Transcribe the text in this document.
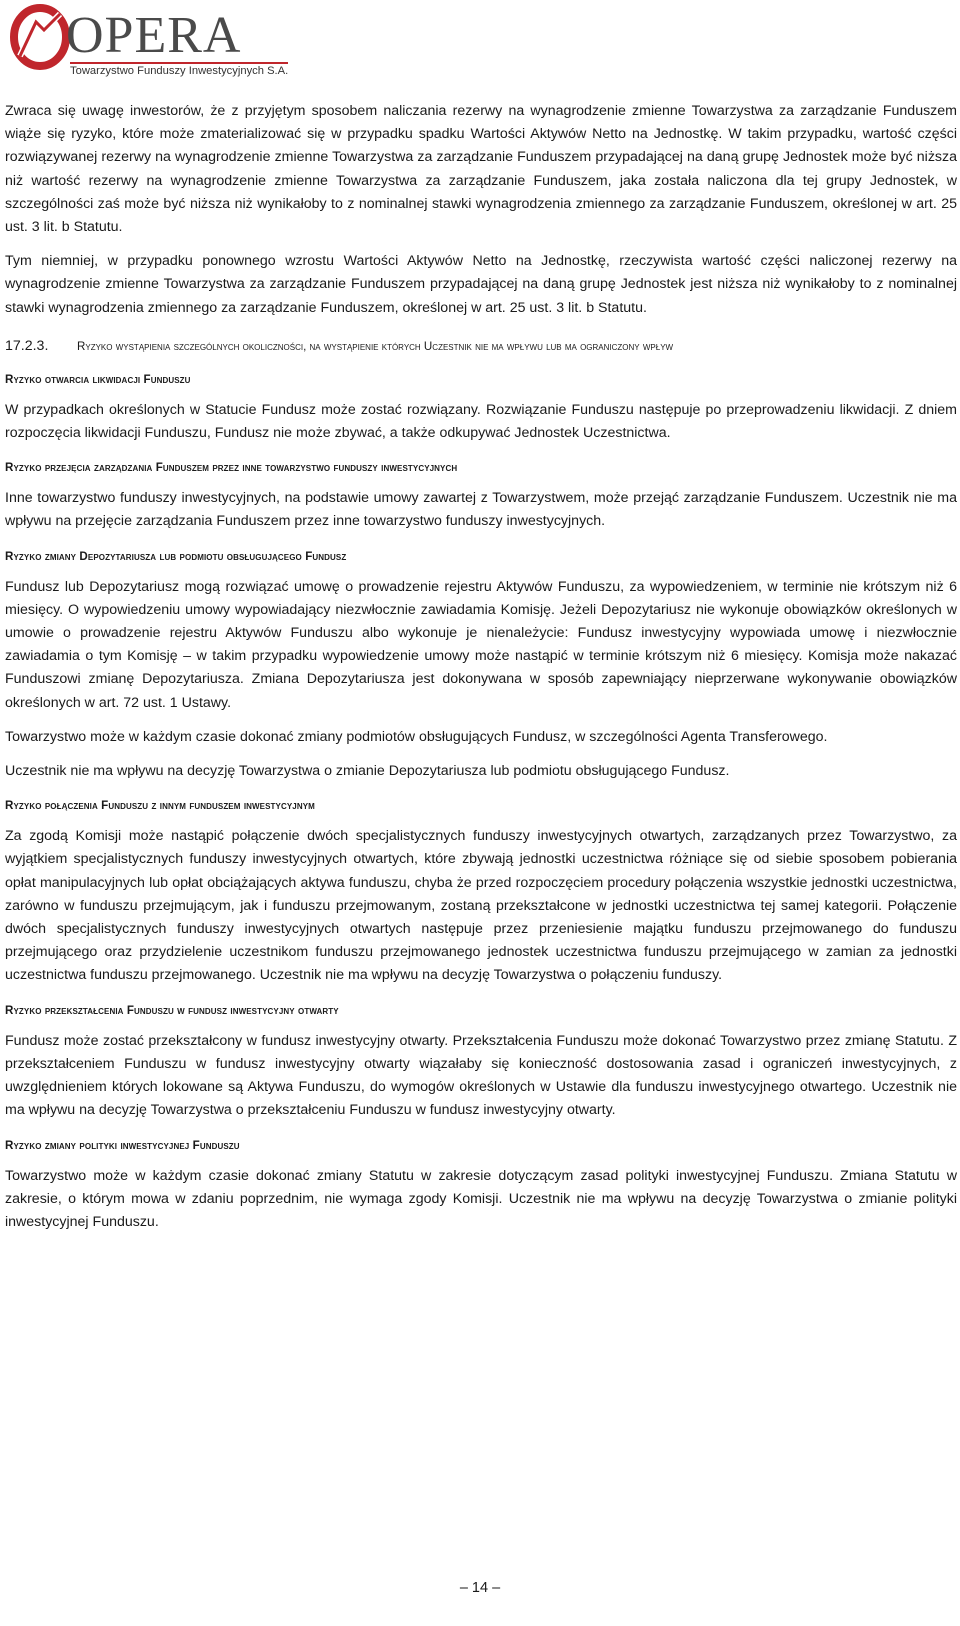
OPERA
Towarzystwo Funduszy Inwestycyjnych S.A.

Zwraca się uwagę inwestorów, że z przyjętym sposobem naliczania rezerwy na wynagrodzenie zmienne Towarzystwa za zarządzanie Funduszem wiąże się ryzyko, które może zmaterializować się w przypadku spadku Wartości Aktywów Netto na Jednostkę. W takim przypadku, wartość części rozwiązywanej rezerwy na wynagrodzenie zmienne Towarzystwa za zarządzanie Funduszem przypadającej na daną grupę Jednostek może być niższa niż wartość rezerwy na wynagrodzenie zmienne Towarzystwa za zarządzanie Funduszem, jaka została naliczona dla tej grupy Jednostek, w szczególności zaś może być niższa niż wynikałoby to z nominalnej stawki wynagrodzenia zmiennego za zarządzanie Funduszem, określonej w art. 25 ust. 3 lit. b Statutu.

Tym niemniej, w przypadku ponownego wzrostu Wartości Aktywów Netto na Jednostkę, rzeczywista wartość części naliczonej rezerwy na wynagrodzenie zmienne Towarzystwa za zarządzanie Funduszem przypadającej na daną grupę Jednostek jest niższa niż wynikałoby to z nominalnej stawki wynagrodzenia zmiennego za zarządzanie Funduszem, określonej w art. 25 ust. 3 lit. b Statutu.

17.2.3.	Ryzyko wystąpienia szczególnych okoliczności, na wystąpienie których Uczestnik nie ma wpływu lub ma ograniczony wpływ
Ryzyko otwarcia likwidacji Funduszu

W przypadkach określonych w Statucie Fundusz może zostać rozwiązany. Rozwiązanie Funduszu następuje po przeprowadzeniu likwidacji. Z dniem rozpoczęcia likwidacji Funduszu, Fundusz nie może zbywać, a także odkupywać Jednostek Uczestnictwa.

Ryzyko przejęcia zarządzania Funduszem przez inne towarzystwo funduszy inwestycyjnych

Inne towarzystwo funduszy inwestycyjnych, na podstawie umowy zawartej z Towarzystwem, może przejąć zarządzanie Funduszem. Uczestnik nie ma wpływu na przejęcie zarządzania Funduszem przez inne towarzystwo funduszy inwestycyjnych.

Ryzyko zmiany Depozytariusza lub podmiotu obsługującego Fundusz

Fundusz lub Depozytariusz mogą rozwiązać umowę o prowadzenie rejestru Aktywów Funduszu, za wypowiedzeniem, w terminie nie krótszym niż 6 miesięcy. O wypowiedzeniu umowy wypowiadający niezwłocznie zawiadamia Komisję. Jeżeli Depozytariusz nie wykonuje obowiązków określonych w umowie o prowadzenie rejestru Aktywów Funduszu albo wykonuje je nienależycie: Fundusz inwestycyjny wypowiada umowę i niezwłocznie zawiadamia o tym Komisję – w takim przypadku wypowiedzenie umowy może nastąpić w terminie krótszym niż 6 miesięcy. Komisja może nakazać Funduszowi zmianę Depozytariusza. Zmiana Depozytariusza jest dokonywana w sposób zapewniający nieprzerwane wykonywanie obowiązków określonych w art. 72 ust. 1 Ustawy.

Towarzystwo może w każdym czasie dokonać zmiany podmiotów obsługujących Fundusz, w szczególności Agenta Transferowego.

Uczestnik nie ma wpływu na decyzję Towarzystwa o zmianie Depozytariusza lub podmiotu obsługującego Fundusz.

Ryzyko połączenia Funduszu z innym funduszem inwestycyjnym

Za zgodą Komisji może nastąpić połączenie dwóch specjalistycznych funduszy inwestycyjnych otwartych, zarządzanych przez Towarzystwo, za wyjątkiem specjalistycznych funduszy inwestycyjnych otwartych, które zbywają jednostki uczestnictwa różniące się od siebie sposobem pobierania opłat manipulacyjnych lub opłat obciążających aktywa funduszu, chyba że przed rozpoczęciem procedury połączenia wszystkie jednostki uczestnictwa, zarówno w funduszu przejmującym, jak i funduszu przejmowanym, zostaną przekształcone w jednostki uczestnictwa tej samej kategorii. Połączenie dwóch specjalistycznych funduszy inwestycyjnych otwartych następuje przez przeniesienie majątku funduszu przejmowanego do funduszu przejmującego oraz przydzielenie uczestnikom funduszu przejmowanego jednostek uczestnictwa funduszu przejmującego w zamian za jednostki uczestnictwa funduszu przejmowanego. Uczestnik nie ma wpływu na decyzję Towarzystwa o połączeniu funduszy.

Ryzyko przekształcenia Funduszu w fundusz inwestycyjny otwarty

Fundusz może zostać przekształcony w fundusz inwestycyjny otwarty. Przekształcenia Funduszu może dokonać Towarzystwo przez zmianę Statutu. Z przekształceniem Funduszu w fundusz inwestycyjny otwarty wiązałaby się konieczność dostosowania zasad i ograniczeń inwestycyjnych, z uwzględnieniem których lokowane są Aktywa Funduszu, do wymogów określonych w Ustawie dla funduszu inwestycyjnego otwartego. Uczestnik nie ma wpływu na decyzję Towarzystwa o przekształceniu Funduszu w fundusz inwestycyjny otwarty.

Ryzyko zmiany polityki inwestycyjnej Funduszu

Towarzystwo może w każdym czasie dokonać zmiany Statutu w zakresie dotyczącym zasad polityki inwestycyjnej Funduszu. Zmiana Statutu w zakresie, o którym mowa w zdaniu poprzednim, nie wymaga zgody Komisji. Uczestnik nie ma wpływu na decyzję Towarzystwa o zmianie polityki inwestycyjnej Funduszu.

– 14 –
